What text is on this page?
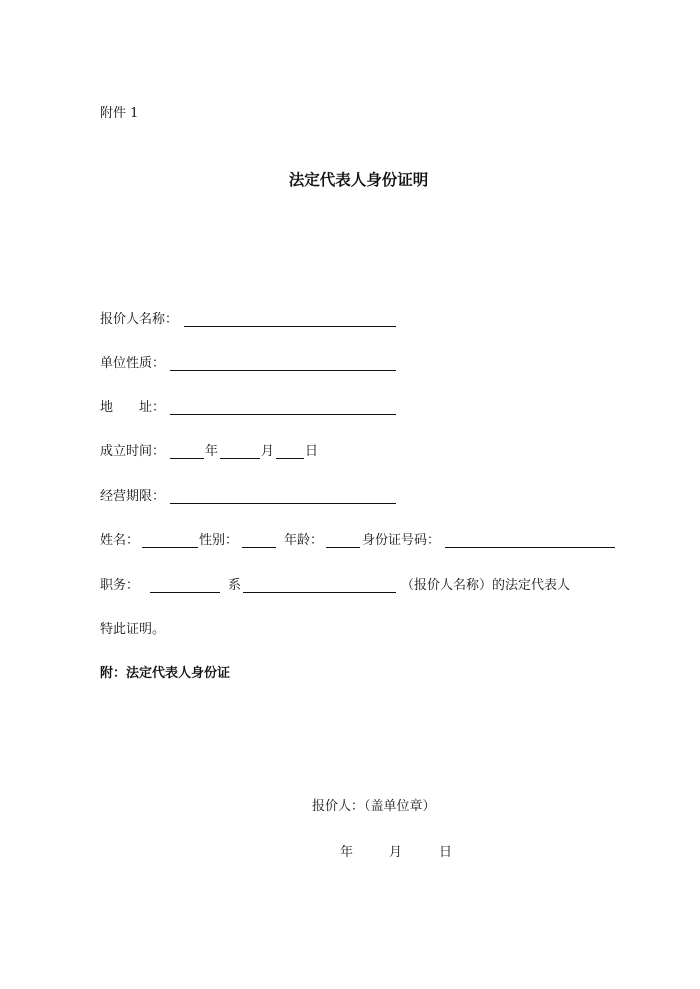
附件 1
法定代表人身份证明
报价人名称：
单位性质：
地　　址：
成立时间：	年	月 日
经营期限：
姓名：	性别：	年龄：	身份证号码：
职务：	系	（报价人名称）的法定代表人
特此证明。
附：法定代表人身份证
报价人：（盖单位章）
年	月	日
